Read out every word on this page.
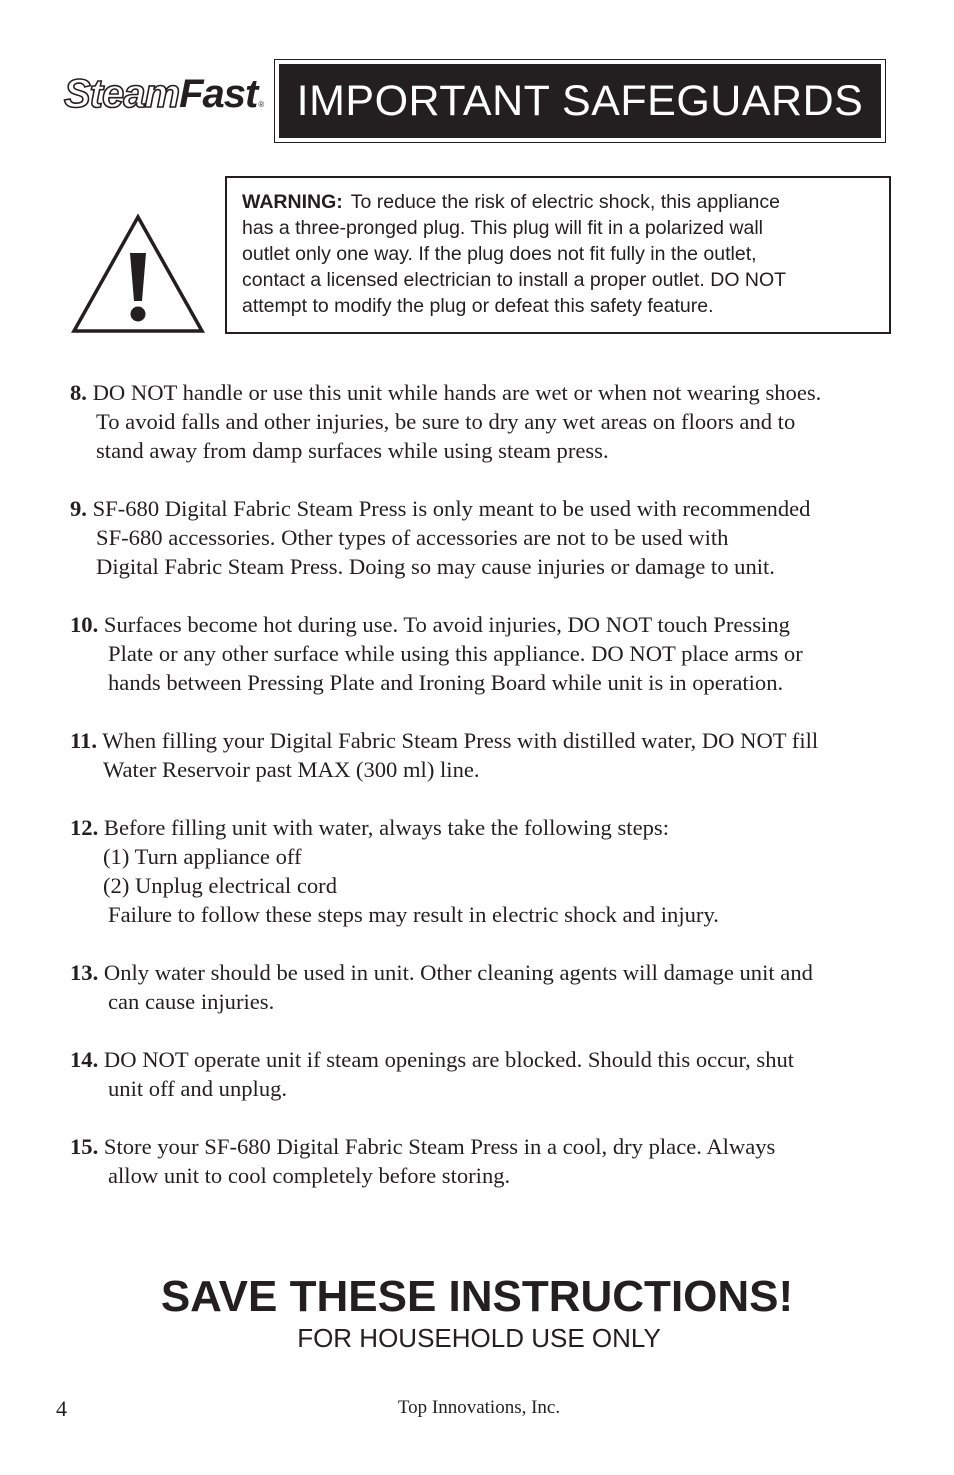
Steam Fast ® IMPORTANT SAFEGUARDS
WARNING: To reduce the risk of electric shock, this appliance
has a three-pronged plug. This plug will fit in a polarized wall
outlet only one way. If the plug does not fit fully in the outlet,
contact a licensed electrician to install a proper outlet. DO NOT
attempt to modify the plug or defeat this safety feature.
8. DO NOT handle or use this unit while hands are wet or when not wearing shoes.
To avoid falls and other injuries, be sure to dry any wet areas on floors and to
stand away from damp surfaces while using steam press.
9. SF-680 Digital Fabric Steam Press is only meant to be used with recommended
SF-680 accessories. Other types of accessories are not to be used with
Digital Fabric Steam Press. Doing so may cause injuries or damage to unit.
10. Surfaces become hot during use. To avoid injuries, DO NOT touch Pressing
Plate or any other surface while using this appliance. DO NOT place arms or
hands between Pressing Plate and Ironing Board while unit is in operation.
11. When filling your Digital Fabric Steam Press with distilled water, DO NOT fill
Water Reservoir past MAX (300 ml) line.
12. Before filling unit with water, always take the following steps:
(1) Turn appliance off
(2) Unplug electrical cord
Failure to follow these steps may result in electric shock and injury.
13. Only water should be used in unit. Other cleaning agents will damage unit and
can cause injuries.
14. DO NOT operate unit if steam openings are blocked. Should this occur, shut
unit off and unplug.
15. Store your SF-680 Digital Fabric Steam Press in a cool, dry place. Always
allow unit to cool completely before storing.
SAVE THESE INSTRUCTIONS!
FOR HOUSEHOLD USE ONLY
4	Top Innovations, Inc.
